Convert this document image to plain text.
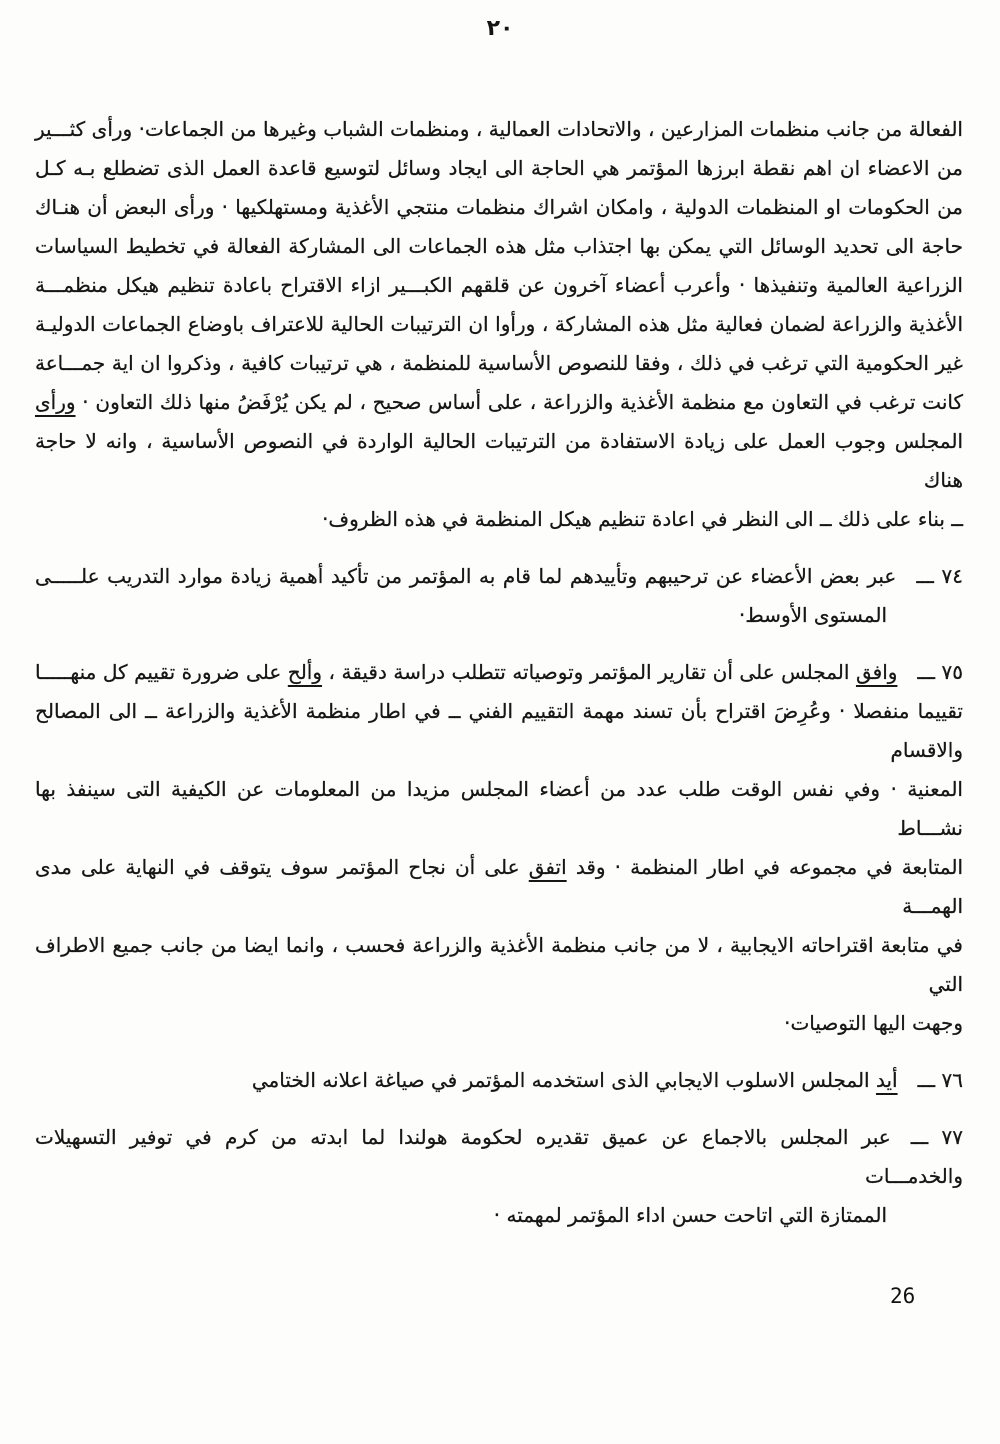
٢٠
الفعالة من جانب منظمات المزارعين ، والاتحادات العمالية ، ومنظمات الشباب وغيرها من الجماعات· ورأى كثـــير
من الاعضاء ان اهم نقطة ابرزها المؤتمر هي الحاجة الى ايجاد وسائل لتوسيع قاعدة العمل الذى تضطلع بـه كـل
من الحكومات او المنظمات الدولية ، وامكان اشراك منظمات منتجي الأغذية ومستهلكيها · ورأى البعض أن هنـاك
حاجة الى تحديد الوسائل التي يمكن بها اجتذاب مثل هذه الجماعات الى المشاركة الفعالة في تخطيط السياسات
الزراعية العالمية وتنفيذها · وأعرب أعضاء آخرون عن قلقهم الكبـــير ازاء الاقتراح باعادة تنظيم هيكل منظمـــة
الأغذية والزراعة لضمان فعالية مثل هذه المشاركة ، ورأوا ان الترتيبات الحالية للاعتراف باوضاع الجماعات الدوليـة
غير الحكومية التي ترغب في ذلك ، وفقا للنصوص الأساسية للمنظمة ، هي ترتيبات كافية ، وذكروا ان اية جمـــاعة
كانت ترغب في التعاون مع منظمة الأغذية والزراعة ، على أساس صحيح ، لم يكن يُرْفَضُ منها ذلك التعاون · ورأى
المجلس وجوب العمل على زيادة الاستفادة من الترتيبات الحالية الواردة في النصوص الأساسية ، وانه لا حاجة هناك
ــ بناء على ذلك ــ الى النظر في اعادة تنظيم هيكل المنظمة في هذه الظروف·
٧٤ ـــ عبر بعض الأعضاء عن ترحيبهم وتأييدهم لما قام به المؤتمر من تأكيد أهمية زيادة موارد التدريب علـــــى
المستوى الأوسط·
٧٥ ـــ وافق المجلس على أن تقارير المؤتمر وتوصياته تتطلب دراسة دقيقة ، وألح على ضرورة تقييم كل منهـــــا
تقييما منفصلا · وعُرِضَ اقتراح بأن تسند مهمة التقييم الفني ــ في اطار منظمة الأغذية والزراعة ــ الى المصالح والاقسام
المعنية · وفي نفس الوقت طلب عدد من أعضاء المجلس مزيدا من المعلومات عن الكيفية التى سينفذ بها نشـــاط
المتابعة في مجموعه في اطار المنظمة · وقد اتفق على أن نجاح المؤتمر سوف يتوقف في النهاية على مدى الهمـــة
في متابعة اقتراحاته الايجابية ، لا من جانب منظمة الأغذية والزراعة فحسب ، وانما ايضا من جانب جميع الاطراف التي
وجهت اليها التوصيات·
٧٦ ـــ أيد المجلس الاسلوب الايجابي الذى استخدمه المؤتمر في صياغة اعلانه الختامي
٧٧ ـــ عبر المجلس بالاجماع عن عميق تقديره لحكومة هولندا لما ابدته من كرم في توفير التسهيلات والخدمـــات
الممتازة التي اتاحت حسن اداء المؤتمر لمهمته ·
26
